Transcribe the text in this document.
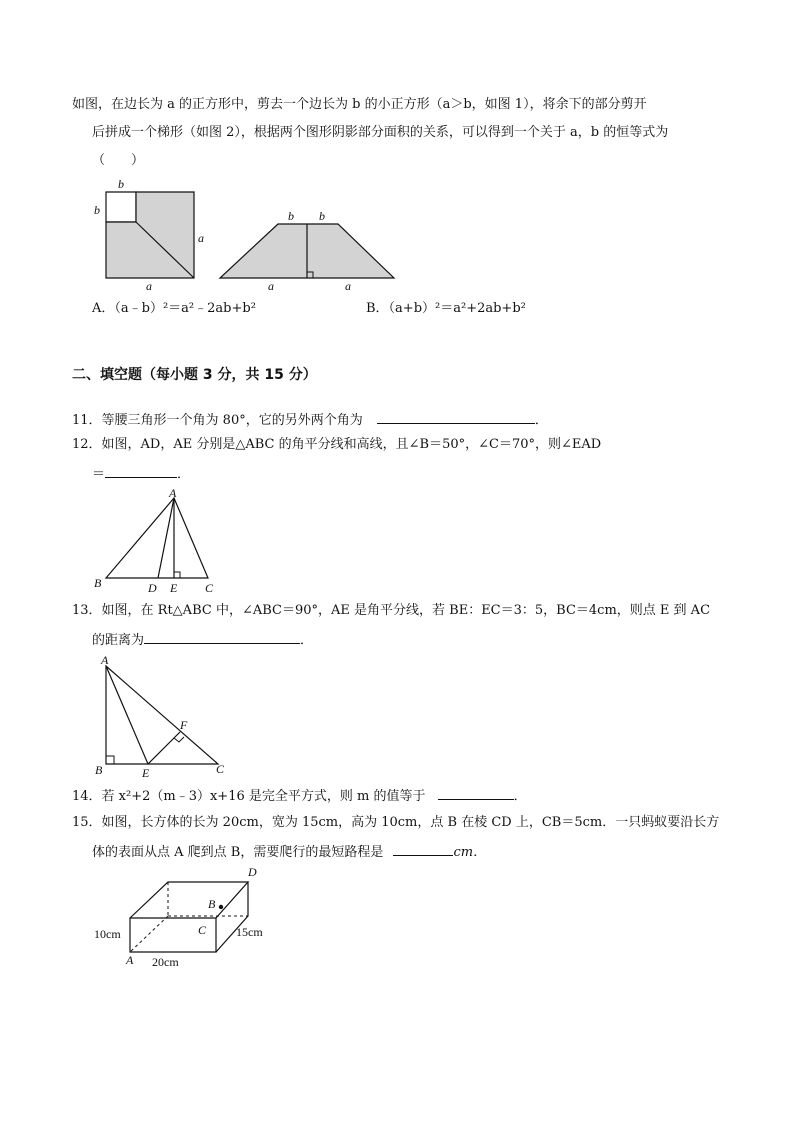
如图，在边长为 a 的正方形中，剪去一个边长为 b 的小正方形（a＞b，如图 1），将余下的部分剪开
后拼成一个梯形（如图 2），根据两个图形阴影部分面积的关系，可以得到一个关于 a，b 的恒等式为
（　　）
b
b
a
a
b b
a	a
A．（a﹣b）²＝a²﹣2ab+b²	B．（a+b）²＝a²+2ab+b²
二、填空题（每小题 3 分，共 15 分）
11．等腰三角形一个角为 80°，它的另外两个角为	．
12．如图，AD，AE 分别是△ABC 的角平分线和高线，且∠B＝50°，∠C＝70°，则∠EAD
＝	．
A
B	D E C
13．如图，在 Rt△ABC 中，∠ABC＝90°，AE 是角平分线，若 BE：EC＝3：5，BC＝4cm，则点 E 到 AC
的距离为	．
A
B	E
F
C
14．若 x²+2（m﹣3）x+16 是完全平方式，则 m 的值等于	．
15．如图，长方体的长为 20cm，宽为 15cm，高为 10cm，点 B 在棱 CD 上，CB＝5cm．一只蚂蚁要沿长方
体的表面从点 A 爬到点 B，需要爬行的最短路程是	cm．
D
B
C
A
10cm
20cm
15cm
